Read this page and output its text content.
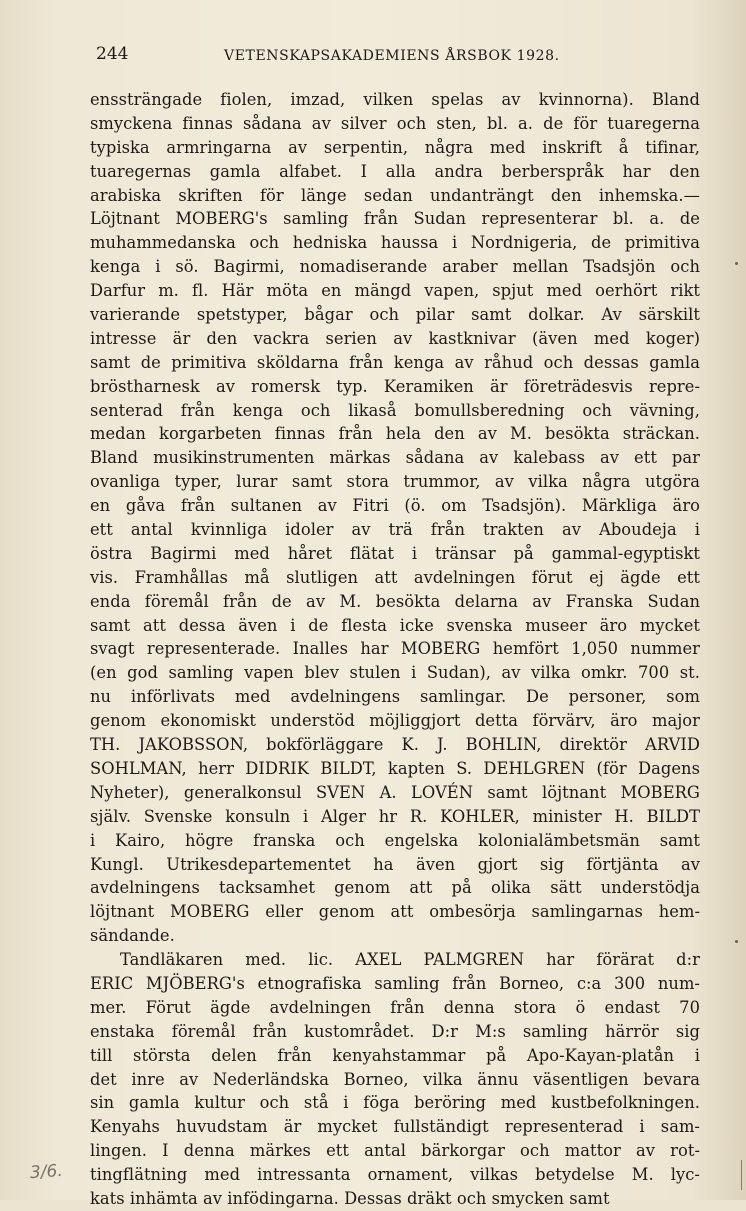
244	VETENSKAPSAKADEMIENS ÅRSBOK 1928.
enssträngade fiolen, imzad, vilken spelas av kvinnorna). Bland
smyckena finnas sådana av silver och sten, bl. a. de för tuaregerna
typiska armringarna av serpentin, några med inskrift å tifinar,
tuaregernas gamla alfabet. I alla andra berberspråk har den
arabiska skriften för länge sedan undanträngt den inhemska.—
Löjtnant MOBERG's samling från Sudan representerar bl. a. de
muhammedanska och hedniska haussa i Nordnigeria, de primitiva
kenga i sö. Bagirmi, nomadiserande araber mellan Tsadsjön och
Darfur m. fl. Här möta en mängd vapen, spjut med oerhört rikt
varierande spetstyper, bågar och pilar samt dolkar. Av särskilt
intresse är den vackra serien av kastknivar (även med koger)
samt de primitiva sköldarna från kenga av råhud och dessas gamla
bröstharnesk av romersk typ. Keramiken är företrädesvis repre-
senterad från kenga och likaså bomullsberedning och vävning,
medan korgarbeten finnas från hela den av M. besökta sträckan.
Bland musikinstrumenten märkas sådana av kalebass av ett par
ovanliga typer, lurar samt stora trummor, av vilka några utgöra
en gåva från sultanen av Fitri (ö. om Tsadsjön). Märkliga äro
ett antal kvinnliga idoler av trä från trakten av Aboudeja i
östra Bagirmi med håret flätat i tränsar på gammal-egyptiskt
vis. Framhållas må slutligen att avdelningen förut ej ägde ett
enda föremål från de av M. besökta delarna av Franska Sudan
samt att dessa även i de flesta icke svenska museer äro mycket
svagt representerade. Inalles har MOBERG hemfört 1,050 nummer
(en god samling vapen blev stulen i Sudan), av vilka omkr. 700 st.
nu införlivats med avdelningens samlingar. De personer, som
genom ekonomiskt understöd möjliggjort detta förvärv, äro major
TH. JAKOBSSON, bokförläggare K. J. BOHLIN, direktör ARVID
SOHLMAN, herr DIDRIK BILDT, kapten S. DEHLGREN (för Dagens
Nyheter), generalkonsul SVEN A. LOVÉN samt löjtnant MOBERG
själv. Svenske konsuln i Alger hr R. KOHLER, minister H. BILDT
i Kairo, högre franska och engelska kolonialämbetsmän samt
Kungl. Utrikesdepartementet ha även gjort sig förtjänta av
avdelningens tacksamhet genom att på olika sätt understödja
löjtnant MOBERG eller genom att ombesörja samlingarnas hem-
sändande.
Tandläkaren med. lic. AXEL PALMGREN har förärat d:r
ERIC MJÖBERG's etnografiska samling från Borneo, c:a 300 num-
mer. Förut ägde avdelningen från denna stora ö endast 70
enstaka föremål från kustområdet. D:r M:s samling härrör sig
till största delen från kenyahstammar på Apo-Kayan-platån i
det inre av Nederländska Borneo, vilka ännu väsentligen bevara
sin gamla kultur och stå i föga beröring med kustbefolkningen.
Kenyahs huvudstam är mycket fullständigt representerad i sam-
lingen. I denna märkes ett antal bärkorgar och mattor av rot-
tingflätning med intressanta ornament, vilkas betydelse M. lyc-
kats inhämta av infödingarna. Dessas dräkt och smycken samt
3/6.
